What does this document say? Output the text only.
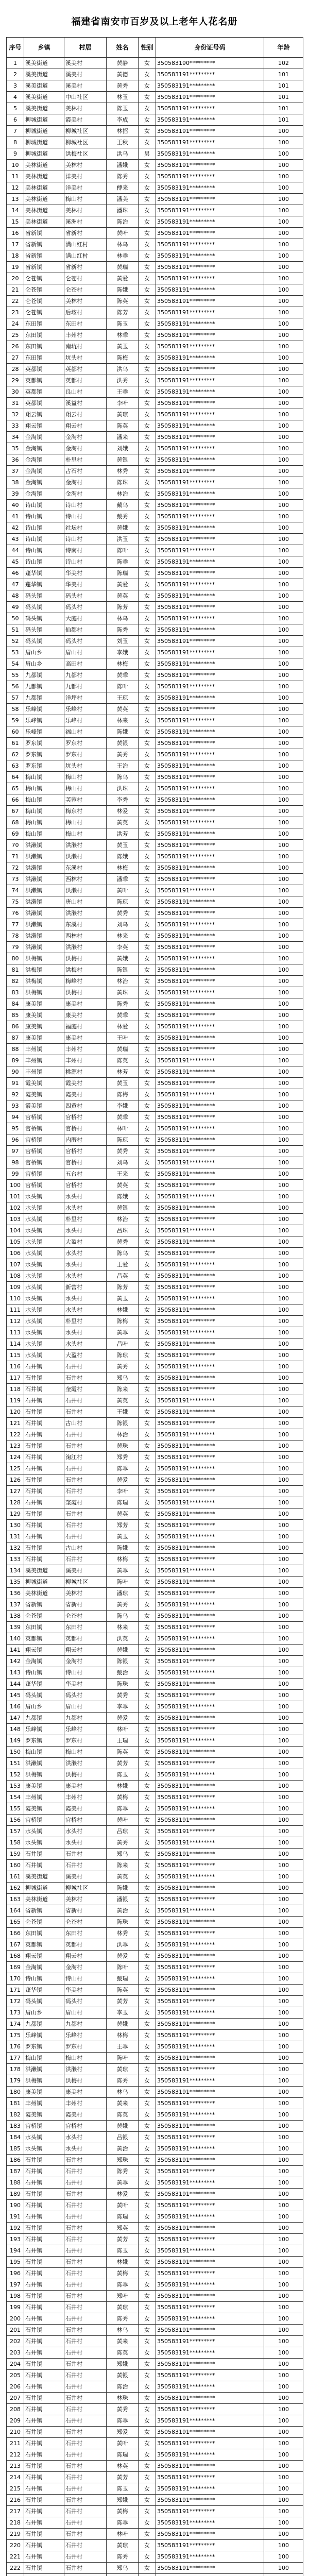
福建省南安市百岁及以上老年人花名册
序号	乡镇	村居	姓名	性别	身份证号码	年龄
1	溪美街道	溪美村	黄静	女	350583190*********	102
2	溪美街道	溪美村	黄德	女	350583191*********	101
3	溪美街道	溪美村	黄秀	女	350583191*********	101
4	溪美街道	中山社区	林玉	女	350583191*********	101
5	溪美街道	美林村	陈玉	女	350583191*********	101
6	柳城街道	霞美村	李成	女	350583191*********	101
7	柳城街道	柳城社区	林招	女	350583191*********	100
8	柳城街道	柳城社区	王秋	女	350583191*********	100
9	柳城街道	洪梅社区	洪乌	男	350583191*********	100
10	美林街道	美林村	潘娥	女	350583191*********	100
11	美林街道	洋美村	陈秀	女	350583191*********	100
12	美林街道	洋美村	傅来	女	350583191*********	100
13	美林街道	梅山村	潘美	女	350583191*********	100
14	美林街道	美林村	潘珠	女	350583191*********	100
15	美林街道	溪洲村	陈治	女	350583191*********	100
16	省新镇	省新村	黄叶	女	350583191*********	100
17	省新镇	满山红村	林乌	女	350583191*********	100
18	省新镇	满山红村	林乖	女	350583191*********	100
19	省新镇	省新村	黄瑞	女	350583191*********	100
20	仑苍镇	仑苍村	黄爱	女	350583191*********	100
21	仑苍镇	仑苍村	陈娥	女	350583191*********	100
22	仑苍镇	美林村	陈英	女	350583191*********	100
23	仑苍镇	后垵村	陈芳	女	350583191*********	100
24	东田镇	东田村	陈玉	女	350583191*********	100
25	东田镇	丰州村	林乖	女	350583191*********	100
26	东田镇	南坑村	黄玉	女	350583191*********	100
27	东田镇	坑头村	陈梅	女	350583191*********	100
28	英都镇	英都村	洪乌	女	350583191*********	100
29	英都镇	英都村	洪秀	女	350583191*********	100
30	英都镇	良山村	王乖	女	350583191*********	100
31	英都镇	溪益村	李叶	女	350583191*********	100
32	翔云镇	翔云村	黄琼	女	350583191*********	100
33	翔云镇	翔云村	陈英	女	350583191*********	100
34	金淘镇	金淘村	潘来	女	350583191*********	100
35	金淘镇	金淘村	刘娥	女	350583191*********	100
36	金淘镇	朴里村	黄银	女	350583191*********	100
37	金淘镇	占石村	林秀	女	350583191*********	100
38	金淘镇	金淘村	陈珠	女	350583191*********	100
39	金淘镇	金淘村	林治	女	350583191*********	100
40	诗山镇	诗山村	戴乌	女	350583191*********	100
41	诗山镇	诗山村	戴秀	女	350583191*********	100
42	诗山镇	社坛村	黄娥	女	350583191*********	100
43	诗山镇	诗山村	洪玉	女	350583191*********	100
44	诗山镇	诗南村	陈叶	女	350583191*********	100
45	诗山镇	诗山村	陈乖	女	350583191*********	100
46	蓬华镇	华美村	陈瑞	女	350583191*********	100
47	蓬华镇	华美村	黄爱	女	350583191*********	100
48	码头镇	码头村	黄英	女	350583191*********	100
49	码头镇	码头村	陈芳	女	350583191*********	100
50	码头镇	大庭村	林乌	女	350583191*********	100
51	码头镇	仙都村	陈秀	女	350583191*********	100
52	码头镇	码头村	刘玉	女	350583191*********	100
53	眉山乡	眉山村	李娥	女	350583191*********	100
54	眉山乡	高田村	林梅	女	350583191*********	100
55	九都镇	九都村	黄乖	女	350583191*********	100
56	九都镇	九都村	陈叶	女	350583191*********	100
57	九都镇	洋坪村	王琼	女	350583191*********	100
58	乐峰镇	乐峰村	黄英	女	350583191*********	100
59	乐峰镇	乐峰村	林来	女	350583191*********	100
60	乐峰镇	福山村	陈娥	女	350583191*********	100
61	罗东镇	罗东村	黄银	女	350583191*********	100
62	罗东镇	罗东村	黄秀	女	350583191*********	100
63	罗东镇	坑头村	王治	女	350583191*********	100
64	梅山镇	梅山村	陈乌	女	350583191*********	100
65	梅山镇	梅山村	洪珠	女	350583191*********	100
66	梅山镇	芙蓉村	李秀	女	350583191*********	100
67	梅山镇	梅东村	林爱	女	350583191*********	100
68	梅山镇	梅山村	黄英	女	350583191*********	100
69	梅山镇	梅山村	洪芳	女	350583191*********	100
70	洪濑镇	洪濑村	黄玉	女	350583191*********	100
71	洪濑镇	洪濑村	陈娥	女	350583191*********	100
72	洪濑镇	东溪村	林梅	女	350583191*********	100
73	洪濑镇	西林村	潘乖	女	350583191*********	100
74	洪濑镇	洪濑村	黄叶	女	350583191*********	100
75	洪濑镇	唐山村	陈琼	女	350583191*********	100
76	洪濑镇	洪濑村	黄秀	女	350583191*********	100
77	洪濑镇	东溪村	刘乌	女	350583191*********	100
78	洪濑镇	西林村	林来	女	350583191*********	100
79	洪濑镇	洪濑村	李英	女	350583191*********	100
80	洪梅镇	洪梅村	黄娥	女	350583191*********	100
81	洪梅镇	洪梅村	陈银	女	350583191*********	100
82	洪梅镇	梅峰村	林治	女	350583191*********	100
83	洪梅镇	洪梅村	黄珠	女	350583191*********	100
84	康美镇	康美村	陈秀	女	350583191*********	100
85	康美镇	康美村	黄乖	女	350583191*********	100
86	康美镇	福庭村	林爱	女	350583191*********	100
87	康美镇	康美村	王叶	女	350583191*********	100
88	丰州镇	丰州村	黄瑞	女	350583191*********	100
89	丰州镇	丰州村	陈英	女	350583191*********	100
90	丰州镇	桃源村	林芳	女	350583191*********	100
91	霞美镇	霞美村	黄玉	女	350583191*********	100
92	霞美镇	霞美村	陈梅	女	350583191*********	100
93	霞美镇	四黄村	李娥	女	350583191*********	100
94	官桥镇	官桥村	黄乖	女	350583191*********	100
95	官桥镇	官桥村	林叶	女	350583191*********	100
96	官桥镇	内厝村	陈琼	女	350583191*********	100
97	官桥镇	官桥村	黄秀	女	350583191*********	100
98	官桥镇	官桥村	刘乌	女	350583191*********	100
99	官桥镇	五台村	王来	女	350583191*********	100
100	官桥镇	官桥村	黄英	女	350583191*********	100
101	水头镇	水头村	陈娥	女	350583191*********	100
102	水头镇	水头村	黄银	女	350583191*********	100
103	水头镇	朴里村	林治	女	350583191*********	100
104	水头镇	水头村	吕珠	女	350583191*********	100
105	水头镇	大盈村	黄秀	女	350583191*********	100
106	水头镇	水头村	陈乌	女	350583191*********	100
107	水头镇	水头村	王爱	女	350583191*********	100
108	水头镇	水头村	吕英	女	350583191*********	100
109	水头镇	新营村	陈芳	女	350583191*********	100
110	水头镇	水头村	黄玉	女	350583191*********	100
111	水头镇	水头村	林娥	女	350583191*********	100
112	水头镇	朴里村	陈梅	女	350583191*********	100
113	水头镇	水头村	黄乖	女	350583191*********	100
114	水头镇	水头村	吕叶	女	350583191*********	100
115	水头镇	大盈村	陈琼	女	350583191*********	100
116	石井镇	石井村	黄秀	女	350583191*********	100
117	石井镇	石井村	郑乌	女	350583191*********	100
118	石井镇	奎霞村	陈来	女	350583191*********	100
119	石井镇	石井村	黄英	女	350583191*********	100
120	石井镇	石井村	王娥	女	350583191*********	100
121	石井镇	古山村	陈银	女	350583191*********	100
122	石井镇	石井村	林治	女	350583191*********	100
123	石井镇	石井村	黄珠	女	350583191*********	100
124	石井镇	淗江村	郑秀	女	350583191*********	100
125	石井镇	石井村	陈乖	女	350583191*********	100
126	石井镇	石井村	黄爱	女	350583191*********	100
127	石井镇	石井村	李叶	女	350583191*********	100
128	石井镇	奎霞村	陈瑞	女	350583191*********	100
129	石井镇	石井村	黄英	女	350583191*********	100
130	石井镇	石井村	郑芳	女	350583191*********	100
131	石井镇	石井村	黄玉	女	350583191*********	100
132	石井镇	古山村	陈娥	女	350583191*********	100
133	石井镇	石井村	林梅	女	350583191*********	100
134	溪美街道	溪美村	黄乖	女	350583191*********	100
135	柳城街道	柳城社区	陈叶	女	350583191*********	100
136	美林街道	美林村	潘琼	女	350583191*********	100
137	省新镇	省新村	黄秀	女	350583191*********	100
138	仑苍镇	仑苍村	陈乌	女	350583191*********	100
139	东田镇	东田村	林来	女	350583191*********	100
140	英都镇	英都村	洪英	女	350583191*********	100
141	翔云镇	翔云村	黄娥	女	350583191*********	100
142	金淘镇	金淘村	陈银	女	350583191*********	100
143	诗山镇	诗山村	戴治	女	350583191*********	100
144	蓬华镇	华美村	陈珠	女	350583191*********	100
145	码头镇	码头村	黄秀	女	350583191*********	100
146	眉山乡	眉山村	李乖	女	350583191*********	100
147	九都镇	九都村	黄爱	女	350583191*********	100
148	乐峰镇	乐峰村	林叶	女	350583191*********	100
149	罗东镇	罗东村	王瑞	女	350583191*********	100
150	梅山镇	梅山村	陈英	女	350583191*********	100
151	洪濑镇	洪濑村	黄芳	女	350583191*********	100
152	洪梅镇	洪梅村	陈玉	女	350583191*********	100
153	康美镇	康美村	林娥	女	350583191*********	100
154	丰州镇	丰州村	黄梅	女	350583191*********	100
155	霞美镇	霞美村	陈乖	女	350583191*********	100
156	官桥镇	官桥村	黄叶	女	350583191*********	100
157	水头镇	水头村	吕琼	女	350583191*********	100
158	水头镇	水头村	黄秀	女	350583191*********	100
159	石井镇	石井村	郑乌	女	350583191*********	100
160	石井镇	石井村	陈来	女	350583191*********	100
161	溪美街道	溪美村	黄英	女	350583191*********	100
162	柳城街道	柳城社区	陈娥	女	350583191*********	100
163	美林街道	美林村	潘银	女	350583191*********	100
164	省新镇	省新村	黄治	女	350583191*********	100
165	仑苍镇	仑苍村	陈珠	女	350583191*********	100
166	东田镇	东田村	林秀	女	350583191*********	100
167	英都镇	英都村	洪乖	女	350583191*********	100
168	翔云镇	翔云村	黄爱	女	350583191*********	100
169	金淘镇	金淘村	陈叶	女	350583191*********	100
170	诗山镇	诗山村	戴瑞	女	350583191*********	100
171	蓬华镇	华美村	陈英	女	350583191*********	100
172	码头镇	码头村	黄芳	女	350583191*********	100
173	眉山乡	眉山村	李玉	女	350583191*********	100
174	九都镇	九都村	黄娥	女	350583191*********	100
175	乐峰镇	乐峰村	林梅	女	350583191*********	100
176	罗东镇	罗东村	王乖	女	350583191*********	100
177	梅山镇	梅山村	陈叶	女	350583191*********	100
178	洪濑镇	洪濑村	黄琼	女	350583191*********	100
179	洪梅镇	洪梅村	陈秀	女	350583191*********	100
180	康美镇	康美村	林乌	女	350583191*********	100
181	丰州镇	丰州村	黄来	女	350583191*********	100
182	霞美镇	霞美村	陈英	女	350583191*********	100
183	官桥镇	官桥村	黄娥	女	350583191*********	100
184	水头镇	水头村	吕银	女	350583191*********	100
185	水头镇	水头村	黄治	女	350583191*********	100
186	石井镇	石井村	郑珠	女	350583191*********	100
187	石井镇	石井村	陈秀	女	350583191*********	100
188	石井镇	石井村	黄乖	女	350583191*********	100
189	石井镇	石井村	林爱	女	350583191*********	100
190	石井镇	石井村	黄叶	女	350583191*********	100
191	石井镇	石井村	陈瑞	女	350583191*********	100
192	石井镇	石井村	郑英	女	350583191*********	100
193	石井镇	石井村	黄芳	女	350583191*********	100
194	石井镇	石井村	陈玉	女	350583191*********	100
195	石井镇	石井村	林娥	女	350583191*********	100
196	石井镇	石井村	黄梅	女	350583191*********	100
197	石井镇	石井村	陈乖	女	350583191*********	100
198	石井镇	石井村	郑叶	女	350583191*********	100
199	石井镇	石井村	黄琼	女	350583191*********	100
200	石井镇	石井村	陈秀	女	350583191*********	100
201	石井镇	石井村	林乌	女	350583191*********	100
202	石井镇	石井村	黄来	女	350583191*********	100
203	石井镇	石井村	陈英	女	350583191*********	100
204	石井镇	石井村	郑娥	女	350583191*********	100
205	石井镇	石井村	黄银	女	350583191*********	100
206	石井镇	石井村	陈治	女	350583191*********	100
207	石井镇	石井村	林珠	女	350583191*********	100
208	石井镇	石井村	黄秀	女	350583191*********	100
209	石井镇	石井村	陈乖	女	350583191*********	100
210	石井镇	石井村	郑爱	女	350583191*********	100
211	石井镇	石井村	黄叶	女	350583191*********	100
212	石井镇	石井村	陈瑞	女	350583191*********	100
213	石井镇	石井村	林英	女	350583191*********	100
214	石井镇	石井村	黄芳	女	350583191*********	100
215	石井镇	石井村	陈玉	女	350583191*********	100
216	石井镇	石井村	郑娥	女	350583191*********	100
217	石井镇	石井村	黄梅	女	350583191*********	100
218	石井镇	石井村	陈乖	女	350583191*********	100
219	石井镇	石井村	林叶	女	350583191*********	100
220	石井镇	石井村	黄琼	女	350583191*********	100
221	石井镇	石井村	陈秀	女	350583191*********	100
222	石井镇	石井村	郑乌	女	350583191*********	100
